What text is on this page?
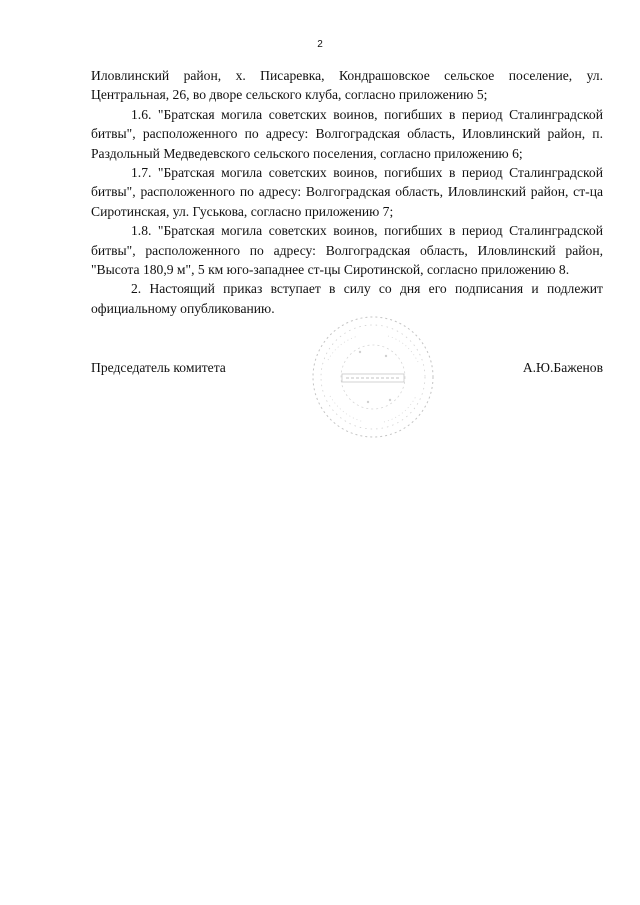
2

Иловлинский район, х. Писаревка, Кондрашовское сельское поселение, ул. Центральная, 26, во дворе сельского клуба, согласно приложению 5;

1.6. "Братская могила советских воинов, погибших в период Сталинградской битвы", расположенного по адресу: Волгоградская область, Иловлинский район, п. Раздольный Медведевского сельского поселения, согласно приложению 6;

1.7. "Братская могила советских воинов, погибших в период Сталинградской битвы", расположенного по адресу: Волгоградская область, Иловлинский район, ст-ца Сиротинская, ул. Гуськова, согласно приложению 7;

1.8. "Братская могила советских воинов, погибших в период Сталинградской битвы", расположенного по адресу: Волгоградская область, Иловлинский район, "Высота 180,9 м", 5 км юго-западнее ст-цы Сиротинской, согласно приложению 8.

2. Настоящий приказ вступает в силу со дня его подписания и подлежит официальному опубликованию.

Председатель комитета	А.Ю.Баженов
